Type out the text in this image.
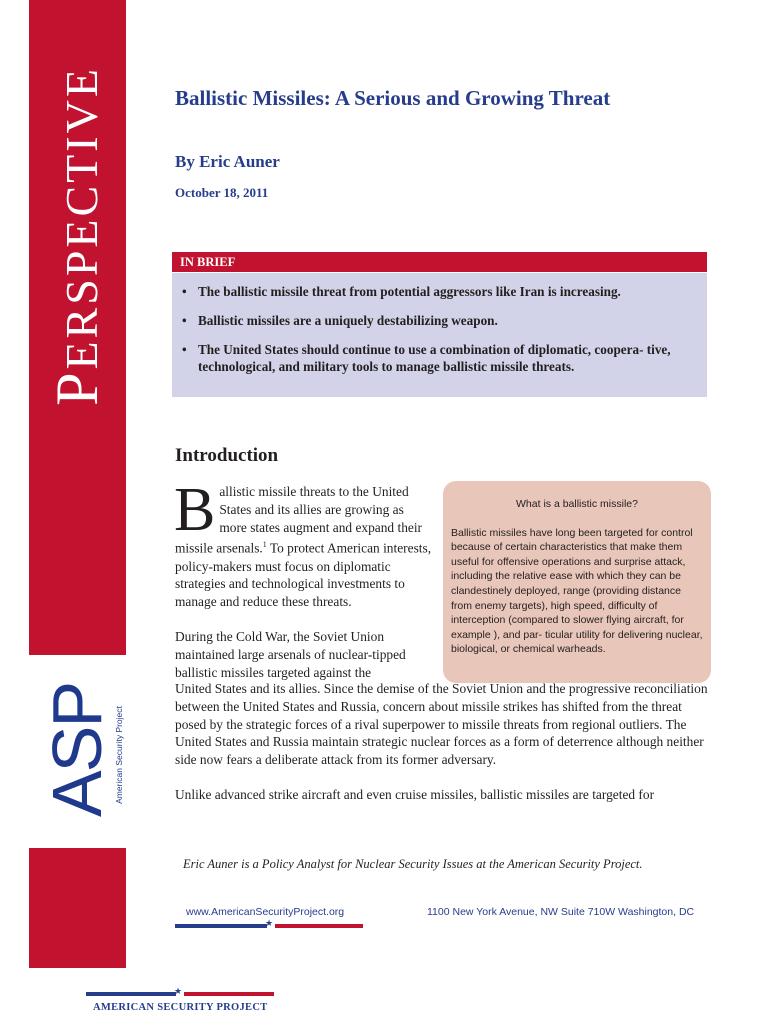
PERSPECTIVE
ASP
American Security Project
Ballistic Missiles: A Serious and Growing Threat
By Eric Auner
October 18, 2011
IN BRIEF
• The ballistic missile threat from potential aggressors like Iran is increasing.
• Ballistic missiles are a uniquely destabilizing weapon.
• The United States should continue to use a combination of diplomatic, coopera- tive, technological, and military tools to manage ballistic missile threats.
Introduction

Ballistic missile threats to the United States and its allies are growing as more states augment and expand their missile arsenals.$^1$ To protect American interests, policy-makers must focus on diplomatic strategies and technological investments to manage and reduce these threats.

During the Cold War, the Soviet Union maintained large arsenals of nuclear-tipped ballistic missiles targeted against the

What is a ballistic missile?
Ballistic missiles have long been targeted for control because of certain characteristics that make them useful for offensive operations and surprise attack, including the relative ease with which they can be clandestinely deployed, range (providing distance from enemy targets), high speed, difficulty of interception (compared to slower flying aircraft, for example ), and par- ticular utility for delivering nuclear, biological, or chemical warheads.

United States and its allies. Since the demise of the Soviet Union and the progressive reconciliation between the United States and Russia, concern about missile strikes has shifted from the threat posed by the strategic forces of a rival superpower to missile threats from regional outliers. The United States and Russia maintain strategic nuclear forces as a form of deterrence although neither side now fears a deliberate attack from its former adversary.

Unlike advanced strike aircraft and even cruise missiles, ballistic missiles are targeted for

Eric Auner is a Policy Analyst for Nuclear Security Issues at the American Security Project.
www.AmericanSecurityProject.org	1100 New York Avenue, NW Suite 710W Washington, DC
★
★
AMERICAN SECURITY PROJECT
